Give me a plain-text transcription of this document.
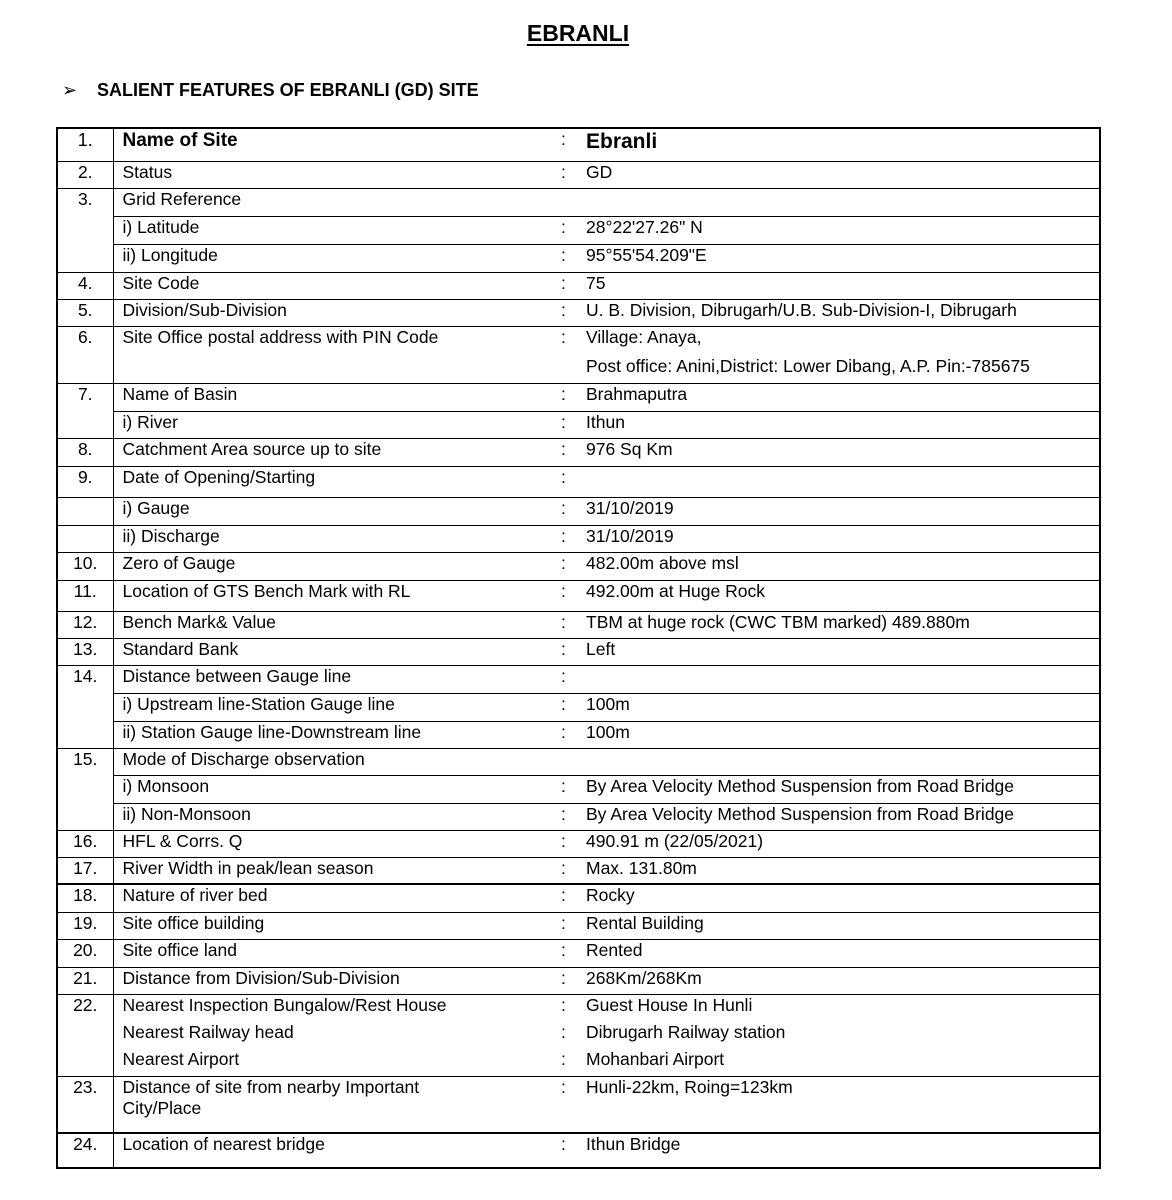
EBRANLI
➢ SALIENT FEATURES OF EBRANLI (GD) SITE
1.	Name of Site	:	Ebranli
2.	Status	:	GD
3.	Grid Reference		
	i) Latitude	:	28°22'27.26" N
	ii) Longitude	:	95°55'54.209"E
4.	Site Code	:	75
5.	Division/Sub-Division	:	U. B. Division, Dibrugarh/U.B. Sub-Division-I, Dibrugarh
6.	Site Office postal address with PIN Code	:	Village: Anaya,
			Post office: Anini,District: Lower Dibang, A.P. Pin:-785675
7.	Name of Basin	:	Brahmaputra
	i) River	:	Ithun
8.	Catchment Area source up to site	:	976 Sq Km
9.	Date of Opening/Starting	:	
	i) Gauge	:	31/10/2019
	ii) Discharge	:	31/10/2019
10.	Zero of Gauge	:	482.00m above msl
11.	Location of GTS Bench Mark with RL	:	492.00m at Huge Rock
12.	Bench Mark& Value	:	TBM at huge rock (CWC TBM marked) 489.880m
13.	Standard Bank	:	Left
14.	Distance between Gauge line	:	
	i) Upstream line-Station Gauge line	:	100m
	ii) Station Gauge line-Downstream line	:	100m
15.	Mode of Discharge observation		
	i) Monsoon	:	By Area Velocity Method Suspension from Road Bridge
	ii) Non-Monsoon	:	By Area Velocity Method Suspension from Road Bridge
16.	HFL & Corrs. Q	:	490.91 m (22/05/2021)
17.	River Width in peak/lean season	:	Max. 131.80m
18.	Nature of river bed	:	Rocky
19.	Site office building	:	Rental Building
20.	Site office land	:	Rented
21.	Distance from Division/Sub-Division	:	268Km/268Km
22.	Nearest Inspection Bungalow/Rest House	:	Guest House In Hunli
	Nearest Railway head	:	Dibrugarh Railway station
	Nearest Airport	:	Mohanbari Airport
23.	Distance of site from nearby Important City/Place	:	Hunli-22km, Roing=123km
24.	Location of nearest bridge	:	Ithun Bridge
